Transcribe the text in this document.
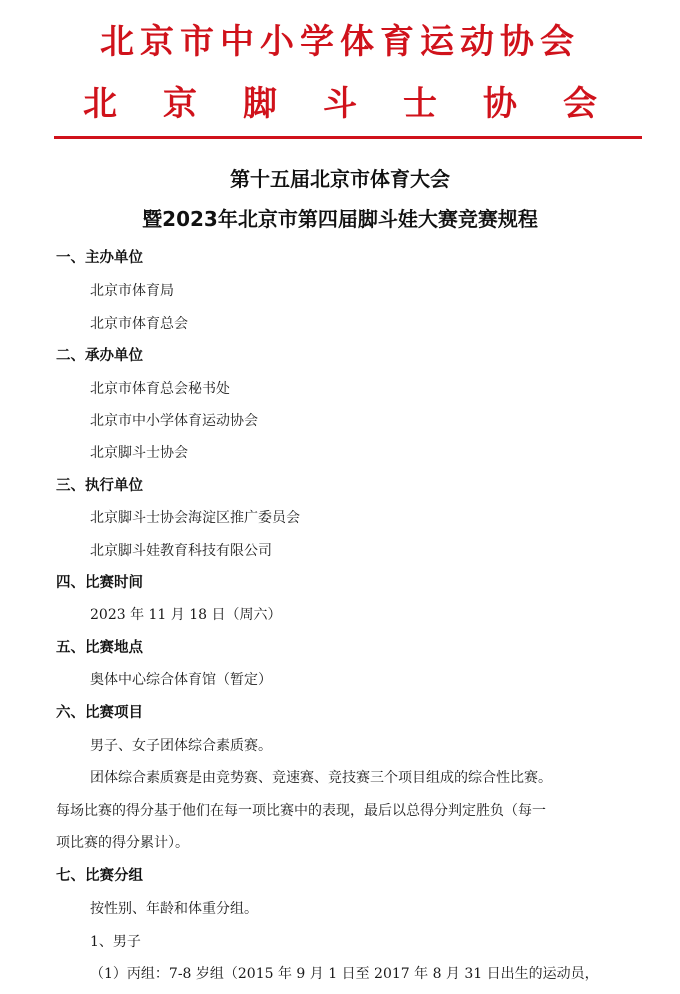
北京市中小学体育运动协会
北京脚斗士协会
第十五届北京市体育大会
暨2023年北京市第四届脚斗娃大赛竞赛规程
一、主办单位
北京市体育局
北京市体育总会
二、承办单位
北京市体育总会秘书处
北京市中小学体育运动协会
北京脚斗士协会
三、执行单位
北京脚斗士协会海淀区推广委员会
北京脚斗娃教育科技有限公司
四、比赛时间
2023 年 11 月 18 日（周六）
五、比赛地点
奥体中心综合体育馆（暂定）
六、比赛项目
男子、女子团体综合素质赛。
团体综合素质赛是由竞势赛、竞速赛、竞技赛三个项目组成的综合性比赛。
每场比赛的得分基于他们在每一项比赛中的表现，最后以总得分判定胜负（每一
项比赛的得分累计）。
七、比赛分组
按性别、年龄和体重分组。
1、男子
（1）丙组：7-8 岁组（2015 年 9 月 1 日至 2017 年 8 月 31 日出生的运动员，
